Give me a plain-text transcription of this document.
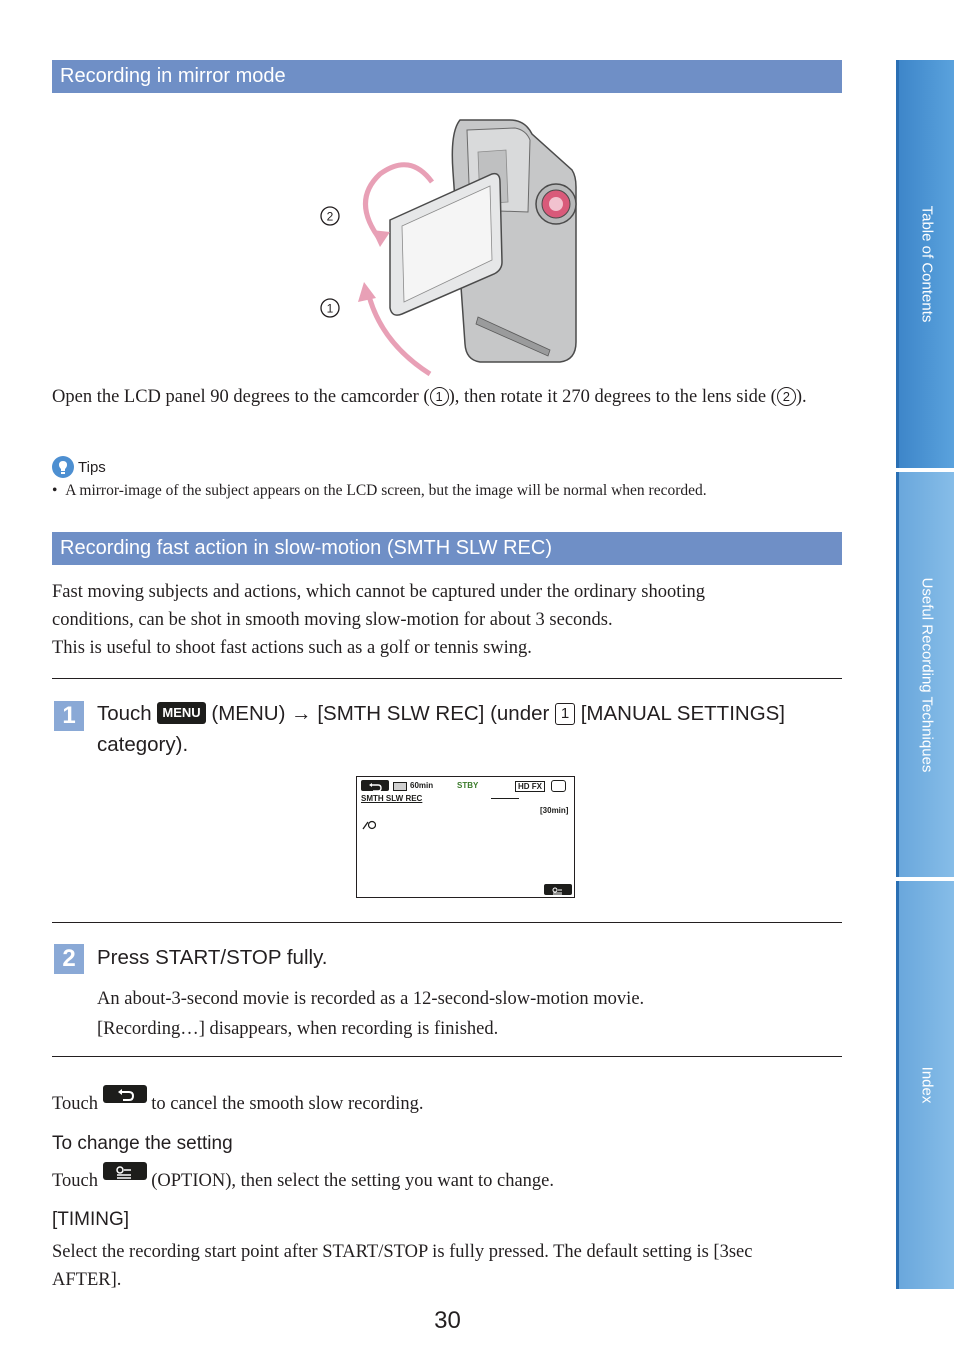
Recording in mirror mode
2
1
Open the LCD panel 90 degrees to the camcorder ( 1 ), then rotate it 270 degrees to the lens side ( 2 ).
Tips
• A mirror-image of the subject appears on the LCD screen, but the image will be normal when recorded.
Recording fast action in slow-motion (SMTH SLW REC)
Fast moving subjects and actions, which cannot be captured under the ordinary shooting
conditions, can be shot in smooth moving slow-motion for about 3 seconds.
This is useful to shoot fast actions such as a golf or tennis swing.
1	Touch MENU (MENU) → [SMTH SLW REC] (under 1 [MANUAL SETTINGS]
category).
60min	STBY	HD FX
SMTH SLW REC
[30min]
2	Press START/STOP fully.
An about-3-second movie is recorded as a 12-second-slow-motion movie.
[Recording…] disappears, when recording is finished.
Touch	to cancel the smooth slow recording.
To change the setting
Touch	(OPTION), then select the setting you want to change.
[TIMING]
Select the recording start point after START/STOP is fully pressed. The default setting is [3sec
AFTER].
30
Table of Contents
Useful Recording Techniques
Index
